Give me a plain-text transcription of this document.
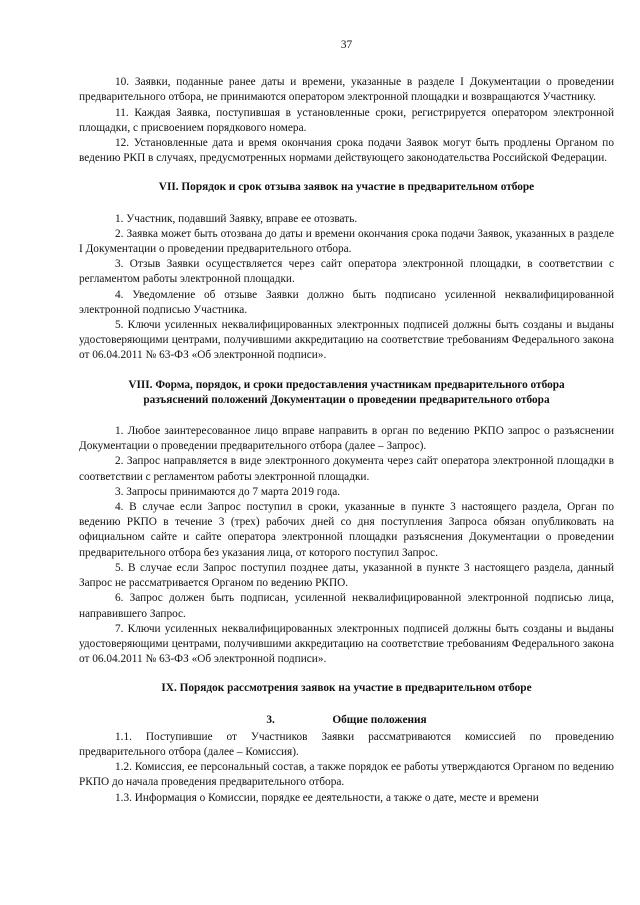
37

10. Заявки, поданные ранее даты и времени, указанные в разделе I Документации о проведении предварительного отбора, не принимаются оператором электронной площадки и возвращаются Участнику.

11. Каждая Заявка, поступившая в установленные сроки, регистрируется оператором электронной площадки, с присвоением порядкового номера.

12. Установленные дата и время окончания срока подачи Заявок могут быть продлены Органом по ведению РКП в случаях, предусмотренных нормами действующего законодательства Российской Федерации.

VII. Порядок и срок отзыва заявок на участие в предварительном отборе

1. Участник, подавший Заявку, вправе ее отозвать.

2. Заявка может быть отозвана до даты и времени окончания срока подачи Заявок, указанных в разделе I Документации о проведении предварительного отбора.

3. Отзыв Заявки осуществляется через сайт оператора электронной площадки, в соответствии с регламентом работы электронной площадки.

4. Уведомление об отзыве Заявки должно быть подписано усиленной неквалифицированной электронной подписью Участника.

5. Ключи усиленных неквалифицированных электронных подписей должны быть созданы и выданы удостоверяющими центрами, получившими аккредитацию на соответствие требованиям Федерального закона от 06.04.2011 № 63-ФЗ «Об электронной подписи».

VIII. Форма, порядок, и сроки предоставления участникам предварительного отбора
разъяснений положений Документации о проведении предварительного отбора

1. Любое заинтересованное лицо вправе направить в орган по ведению РКПО запрос о разъяснении Документации о проведении предварительного отбора (далее – Запрос).

2. Запрос направляется в виде электронного документа через сайт оператора электронной площадки в соответствии с регламентом работы электронной площадки.

3. Запросы принимаются до 7 марта 2019 года.

4. В случае если Запрос поступил в сроки, указанные в пункте 3 настоящего раздела, Орган по ведению РКПО в течение 3 (трех) рабочих дней со дня поступления Запроса обязан опубликовать на официальном сайте и сайте оператора электронной площадки разъяснения Документации о проведении предварительного отбора без указания лица, от которого поступил Запрос.

5. В случае если Запрос поступил позднее даты, указанной в пункте 3 настоящего раздела, данный Запрос не рассматривается Органом по ведению РКПО.

6. Запрос должен быть подписан, усиленной неквалифицированной электронной подписью лица, направившего Запрос.

7. Ключи усиленных неквалифицированных электронных подписей должны быть созданы и выданы удостоверяющими центрами, получившими аккредитацию на соответствие требованиям Федерального закона от 06.04.2011 № 63-ФЗ «Об электронной подписи».

IX. Порядок рассмотрения заявок на участие в предварительном отборе
3.	Общие положения

1.1. Поступившие от Участников Заявки рассматриваются комиссией по проведению предварительного отбора (далее – Комиссия).

1.2. Комиссия, ее персональный состав, а также порядок ее работы утверждаются Органом по ведению РКПО до начала проведения предварительного отбора.

1.3. Информация о Комиссии, порядке ее деятельности, а также о дате, месте и времени
